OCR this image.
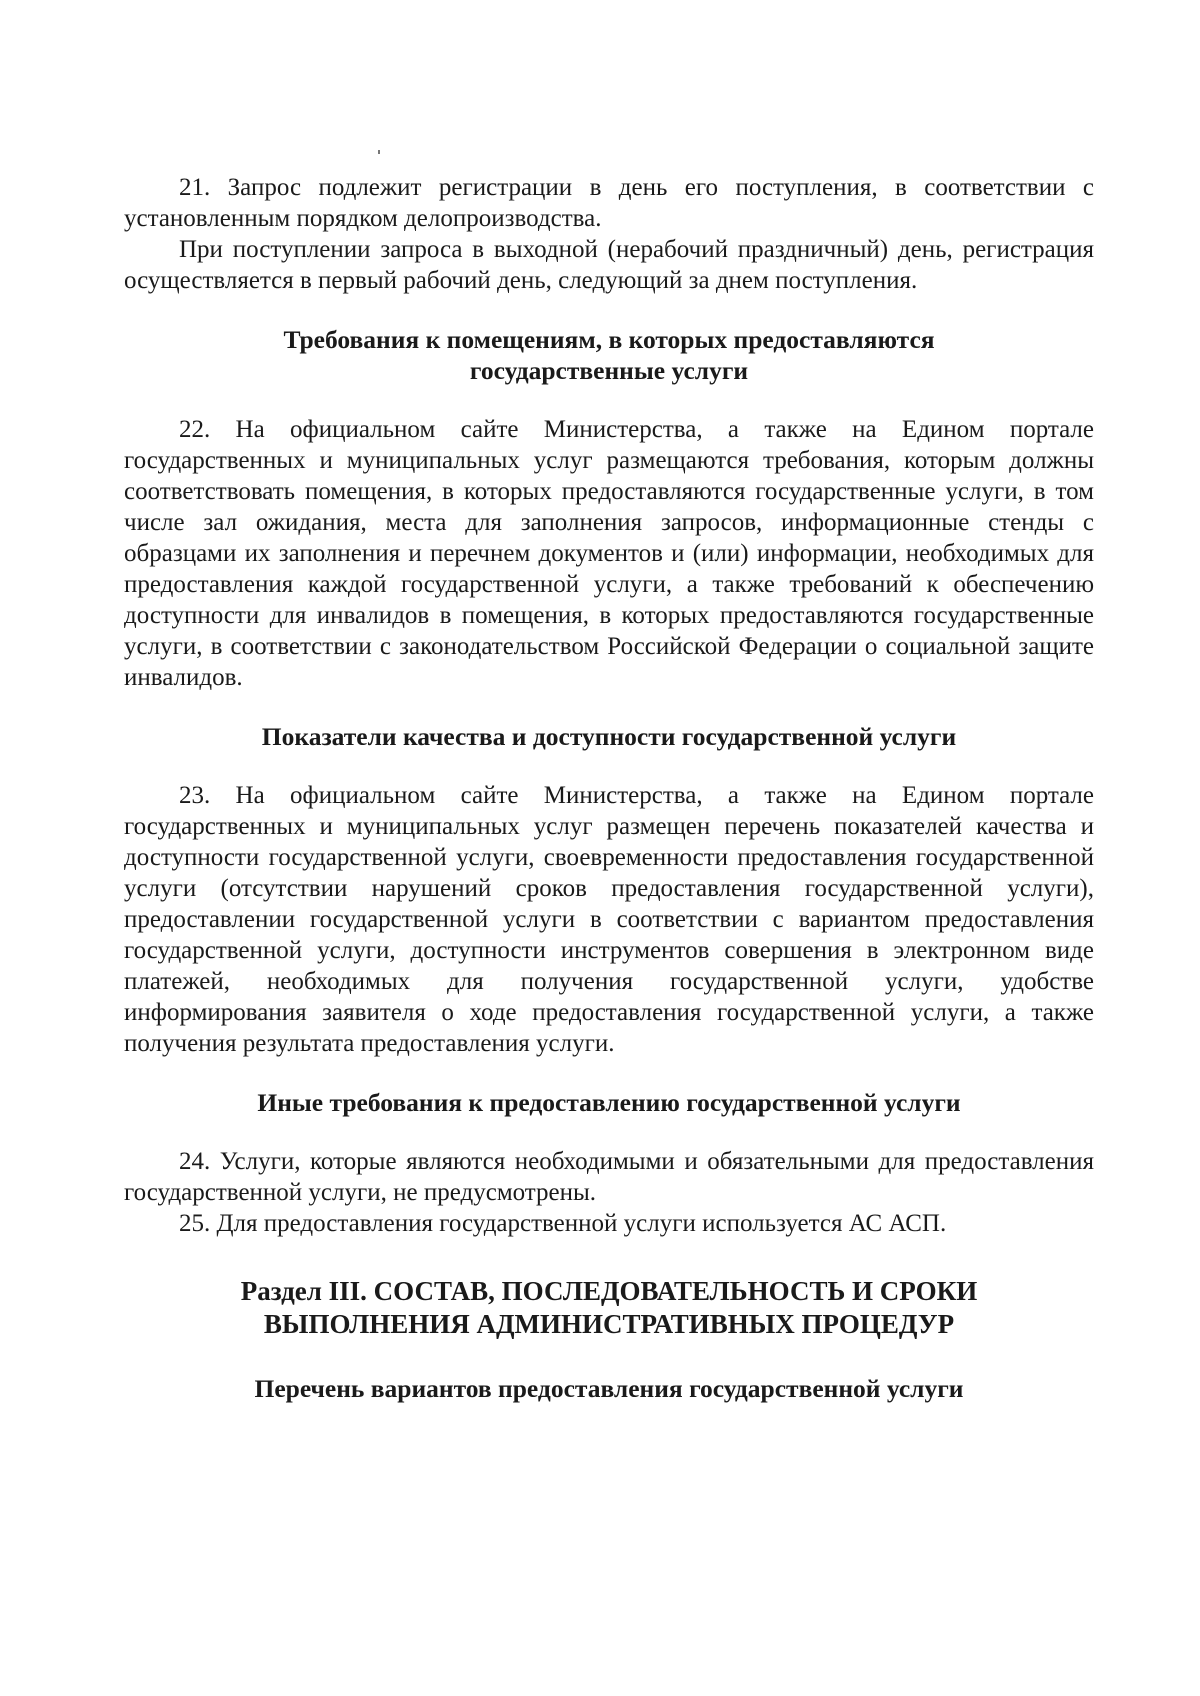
21. Запрос подлежит регистрации в день его поступления, в соответствии с установленным порядком делопроизводства.

При поступлении запроса в выходной (нерабочий праздничный) день, регистрация осуществляется в первый рабочий день, следующий за днем поступления.

Требования к помещениям, в которых предоставляются
государственные услуги

22. На официальном сайте Министерства, а также на Едином портале государственных и муниципальных услуг размещаются требования, которым должны соответствовать помещения, в которых предоставляются государственные услуги, в том числе зал ожидания, места для заполнения запросов, информационные стенды с образцами их заполнения и перечнем документов и (или) информации, необходимых для предоставления каждой государственной услуги, а также требований к обеспечению доступности для инвалидов в помещения, в которых предоставляются государственные услуги, в соответствии с законодательством Российской Федерации о социальной защите инвалидов.

Показатели качества и доступности государственной услуги

23. На официальном сайте Министерства, а также на Едином портале государственных и муниципальных услуг размещен перечень показателей качества и доступности государственной услуги, своевременности предоставления государственной услуги (отсутствии нарушений сроков предоставления государственной услуги), предоставлении государственной услуги в соответствии с вариантом предоставления государственной услуги, доступности инструментов совершения в электронном виде платежей, необходимых для получения государственной услуги, удобстве информирования заявителя о ходе предоставления государственной услуги, а также получения результата предоставления услуги.

Иные требования к предоставлению государственной услуги

24. Услуги, которые являются необходимыми и обязательными для предоставления государственной услуги, не предусмотрены.

25. Для предоставления государственной услуги используется АС АСП.

Раздел III. СОСТАВ, ПОСЛЕДОВАТЕЛЬНОСТЬ И СРОКИ
ВЫПОЛНЕНИЯ АДМИНИСТРАТИВНЫХ ПРОЦЕДУР

Перечень вариантов предоставления государственной услуги
